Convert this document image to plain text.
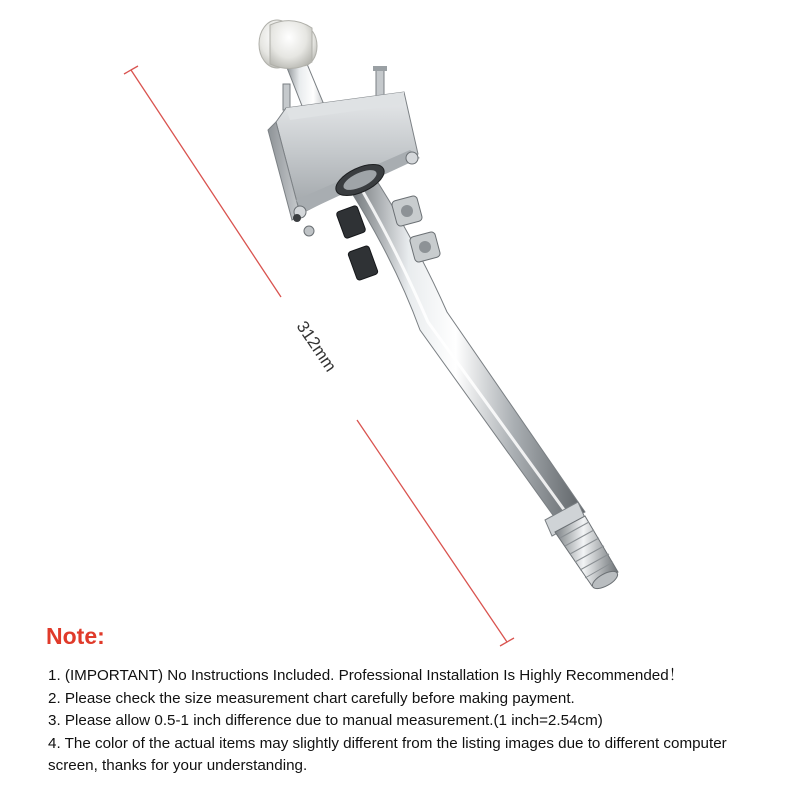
312mm
Note:
1. (IMPORTANT) No Instructions Included. Professional Installation Is Highly Recommended！
2. Please check the size measurement chart carefully before making payment.
3. Please allow 0.5-1 inch difference due to manual measurement.(1 inch=2.54cm)
4. The color of the actual items may slightly different from the listing images due to different computer screen, thanks for your understanding.
